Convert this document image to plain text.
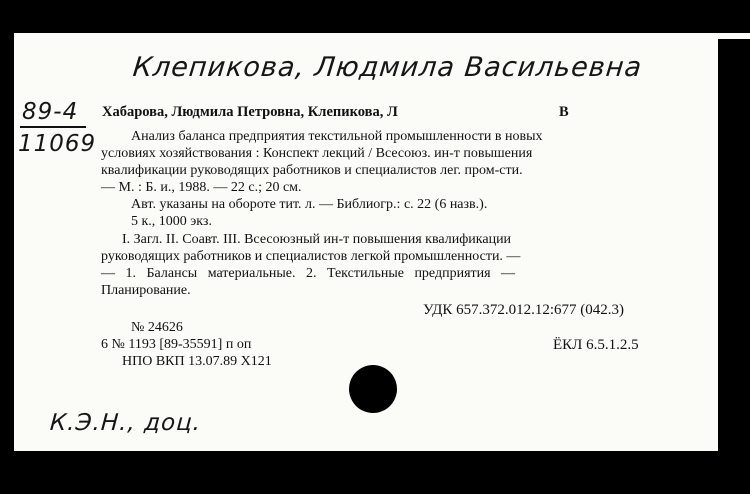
Клепикова, Людмила Васильевна
89-4
11069
Хабарова, Людмила Петровна, Клепикова, Л	В
Анализ баланса предприятия текстильной промышленности в новых
условиях хозяйствования : Конспект лекций / Всесоюз. ин-т повышения
квалификации руководящих работников и специалистов лег. пром-сти.
— М. : Б. и., 1988. — 22 с.; 20 см.
Авт. указаны на обороте тит. л. — Библиогр.: с. 22 (6 назв.).
5 к., 1000 экз.
I. Загл. II. Соавт. III. Всесоюзный ин-т повышения квалификации
руководящих работников и специалистов легкой промышленности. —
— 1. Балансы материальные. 2. Текстильные предприятия —
Планирование.
УДК 657.372.012.12:677 (042.3)
№ 24626
6 № 1193 [89-35591] п оп	ЁКЛ 6.5.1.2.5
НПО ВКП 13.07.89 Х121
К.Э.Н., доц.
